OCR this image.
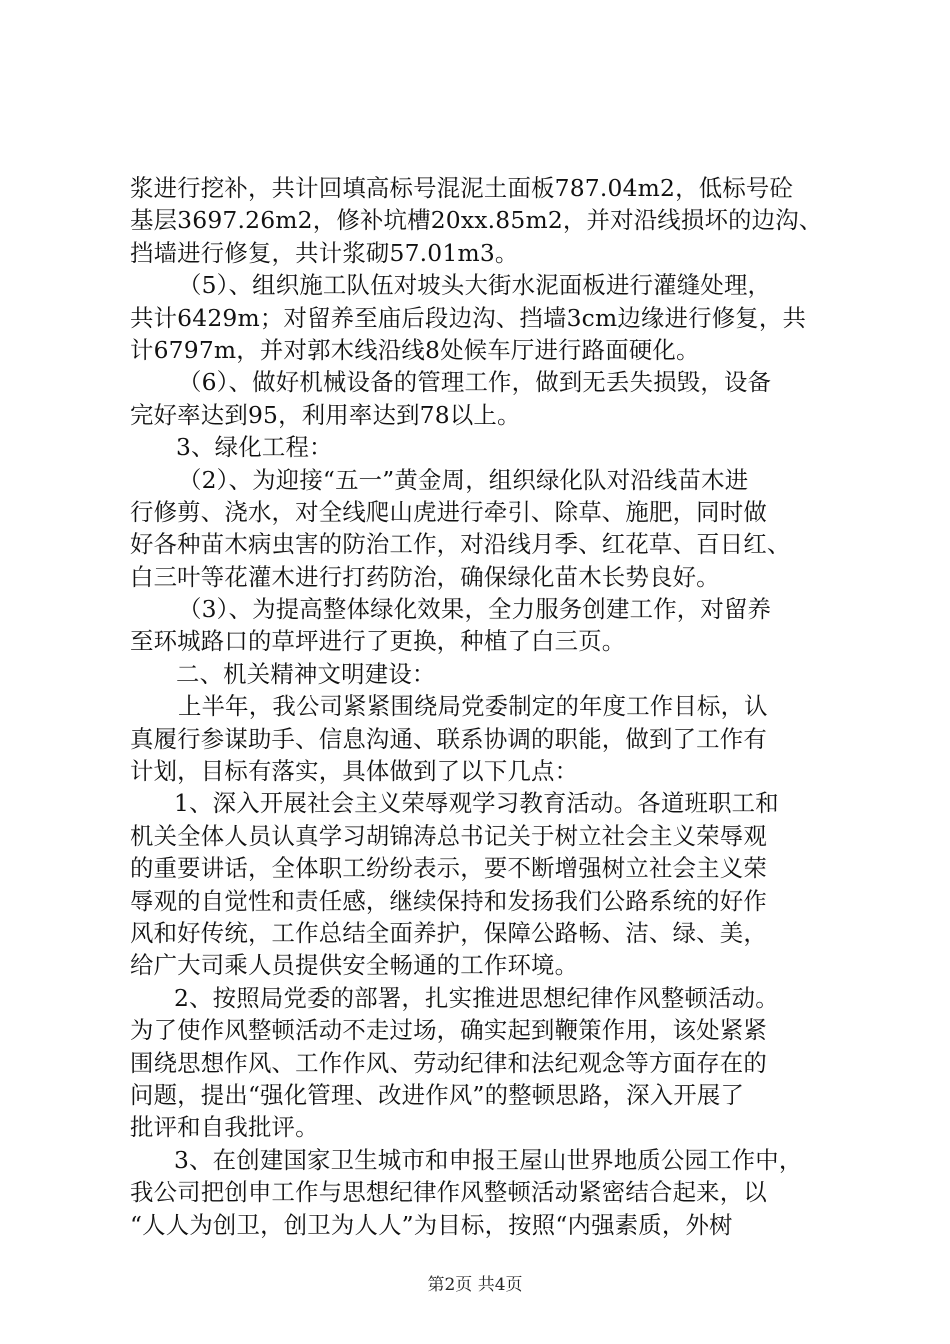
浆进行挖补，共计回填高标号混泥土面板787.04m2，低标号砼
基层3697.26m2，修补坑槽20xx.85m2，并对沿线损坏的边沟、
挡墙进行修复，共计浆砌57.01m3。
（5）、组织施工队伍对坡头大街水泥面板进行灌缝处理，
共计6429m；对留养至庙后段边沟、挡墙3cm边缘进行修复，共
计6797m，并对郭木线沿线8处候车厅进行路面硬化。
（6）、做好机械设备的管理工作，做到无丢失损毁，设备
完好率达到95，利用率达到78以上。
3、绿化工程：
（2）、为迎接“五一”黄金周，组织绿化队对沿线苗木进
行修剪、浇水，对全线爬山虎进行牵引、除草、施肥，同时做
好各种苗木病虫害的防治工作，对沿线月季、红花草、百日红、
白三叶等花灌木进行打药防治，确保绿化苗木长势良好。
（3）、为提高整体绿化效果，全力服务创建工作，对留养
至环城路口的草坪进行了更换，种植了白三页。
二、机关精神文明建设：
上半年，我公司紧紧围绕局党委制定的年度工作目标，认
真履行参谋助手、信息沟通、联系协调的职能，做到了工作有
计划，目标有落实，具体做到了以下几点：
1、深入开展社会主义荣辱观学习教育活动。各道班职工和
机关全体人员认真学习胡锦涛总书记关于树立社会主义荣辱观
的重要讲话，全体职工纷纷表示，要不断增强树立社会主义荣
辱观的自觉性和责任感，继续保持和发扬我们公路系统的好作
风和好传统，工作总结全面养护，保障公路畅、洁、绿、美，
给广大司乘人员提供安全畅通的工作环境。
2、按照局党委的部署，扎实推进思想纪律作风整顿活动。
为了使作风整顿活动不走过场，确实起到鞭策作用，该处紧紧
围绕思想作风、工作作风、劳动纪律和法纪观念等方面存在的
问题，提出“强化管理、改进作风”的整顿思路，深入开展了
批评和自我批评。
3、在创建国家卫生城市和申报王屋山世界地质公园工作中，
我公司把创申工作与思想纪律作风整顿活动紧密结合起来，以
“人人为创卫，创卫为人人”为目标，按照“内强素质，外树
第2页 共4页
